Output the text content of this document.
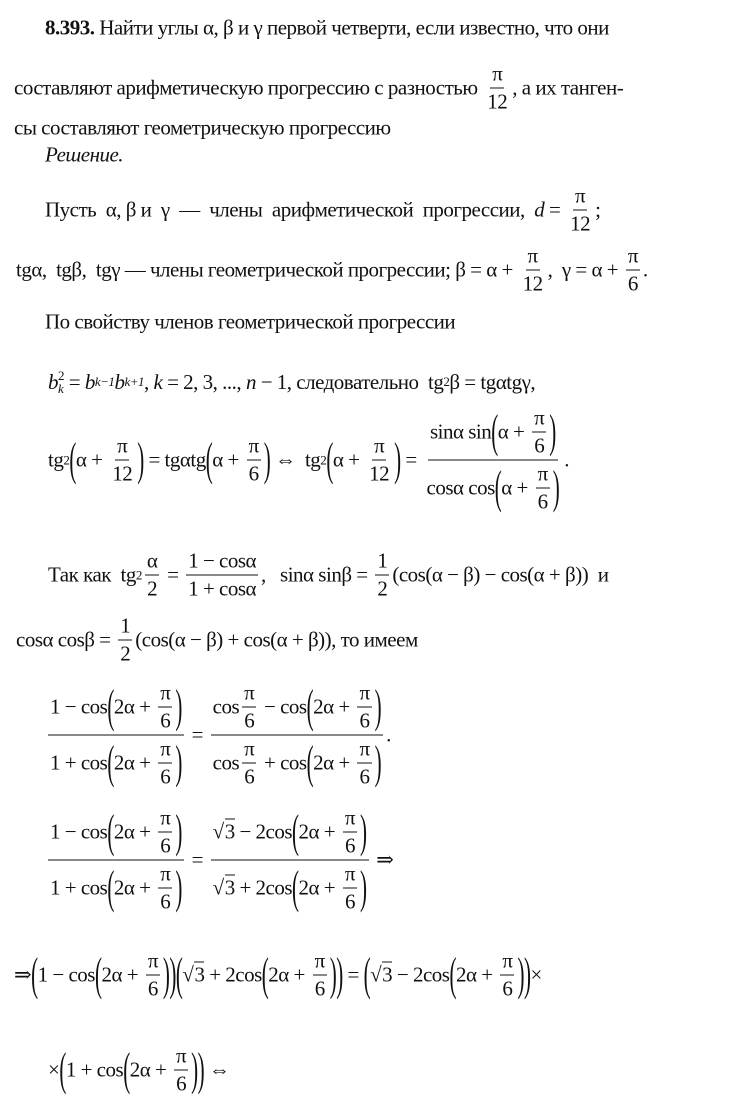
8.393. Найти углы α, β и γ первой четверти, если известно, что они
составляют арифметическую прогрессию с разностью $\frac{\pi}{12}$ , а их танген-
сы составляют геометрическую прогрессию
Решение.
Пусть  α, β и  γ  —  члены  арифметической  прогрессии, $d = \frac{\pi}{12}$ ;
tgα,  tgβ,  tgγ — члены геометрической прогрессии; $\beta = \alpha + \frac{\pi}{12}$ ,  $\gamma = \alpha + \frac{\pi}{6}$ .
По свойству членов геометрической прогрессии
b 2
k = b k−1 b k+1 , k = 2, 3, ..., n − 1, следовательно  tg 2 β = tgαtgγ,
tg 2 ( $\alpha + \frac{\pi}{12}$ ) = tgαtg ( $\alpha + \frac{\pi}{6}$ ) ⇔  tg 2 ( $\alpha + \frac{\pi}{12}$ ) = $\frac{\sin\alpha \sin ( \alpha + \frac{\pi}{6} )}{\cos\alpha \cos ( \alpha + \frac{\pi}{6} )}$ .
Так как  tg $2 \frac{\alpha}{2} = \frac{1 - \cos\alpha}{1 + \cos\alpha}$ ,   sinα $\sin\beta = \frac{1}{2} (\cos(\alpha - \beta) - \cos(\alpha + \beta))$  и
cosα $\cos\beta = \frac{1}{2} (\cos(\alpha - \beta) + \cos(\alpha + \beta))$, то имеем
$\frac{1 - \cos ( 2\alpha + \frac{\pi}{6} )}{1 + \cos ( 2\alpha + \frac{\pi}{6} )} = \frac{\cos \frac{\pi}{6} - \cos ( 2\alpha + \frac{\pi}{6} )}{\cos \frac{\pi}{6} + \cos ( 2\alpha + \frac{\pi}{6} )}$ .
$\frac{1 - \cos ( 2\alpha + \frac{\pi}{6} )}{1 + \cos ( 2\alpha + \frac{\pi}{6} )} = \frac{√3 - 2\cos ( 2\alpha + \frac{\pi}{6} )}{√3 + 2\cos ( 2\alpha + \frac{\pi}{6} )}$ ⇒
⇒ ( 1 − cos ( $2\alpha + \frac{\pi}{6}$ ) ) ( √3 + 2cos ( $2\alpha + \frac{\pi}{6}$ ) ) = ( √3 − 2cos ( $2\alpha + \frac{\pi}{6}$ ) ) ×
× ( 1 + cos ( $2\alpha + \frac{\pi}{6}$ ) ) ⇔
